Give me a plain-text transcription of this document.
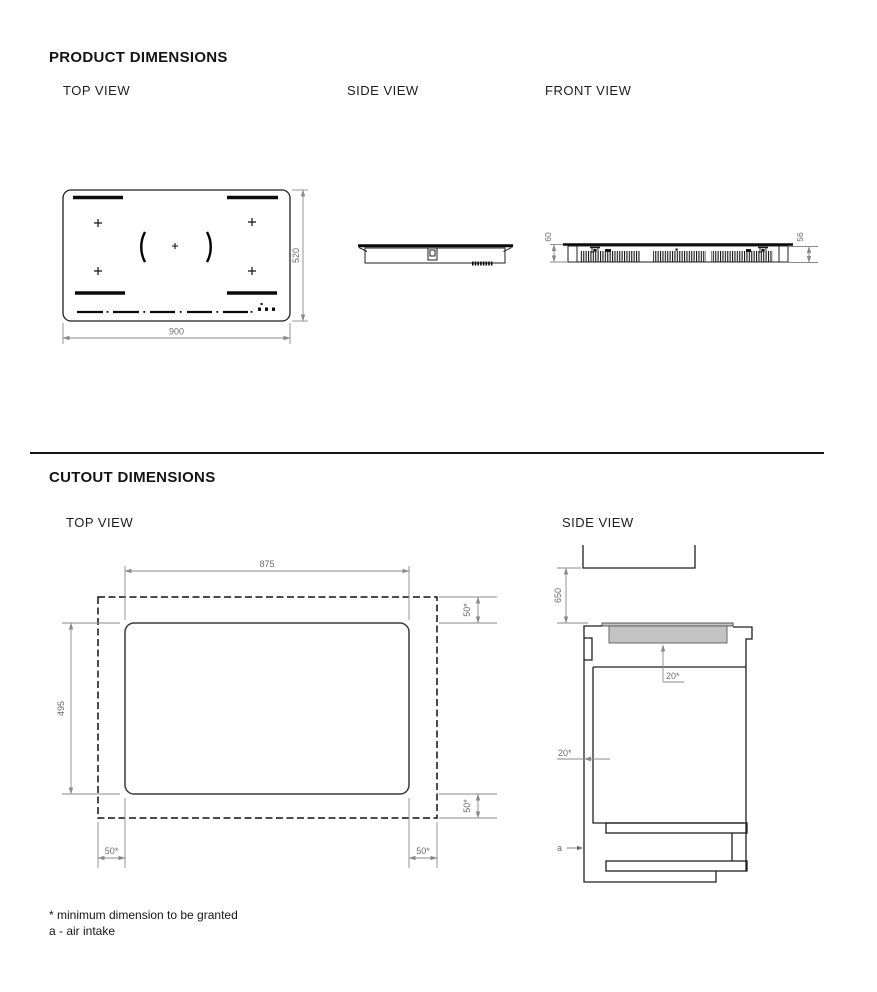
PRODUCT DIMENSIONS
TOP VIEW	SIDE VIEW	FRONT VIEW
900
520
60	56
CUTOUT DIMENSIONS
TOP VIEW	SIDE VIEW
875
495
50*
50*
50*	50*
650
20*
20*
a
* minimum dimension to be granted
a - air intake
